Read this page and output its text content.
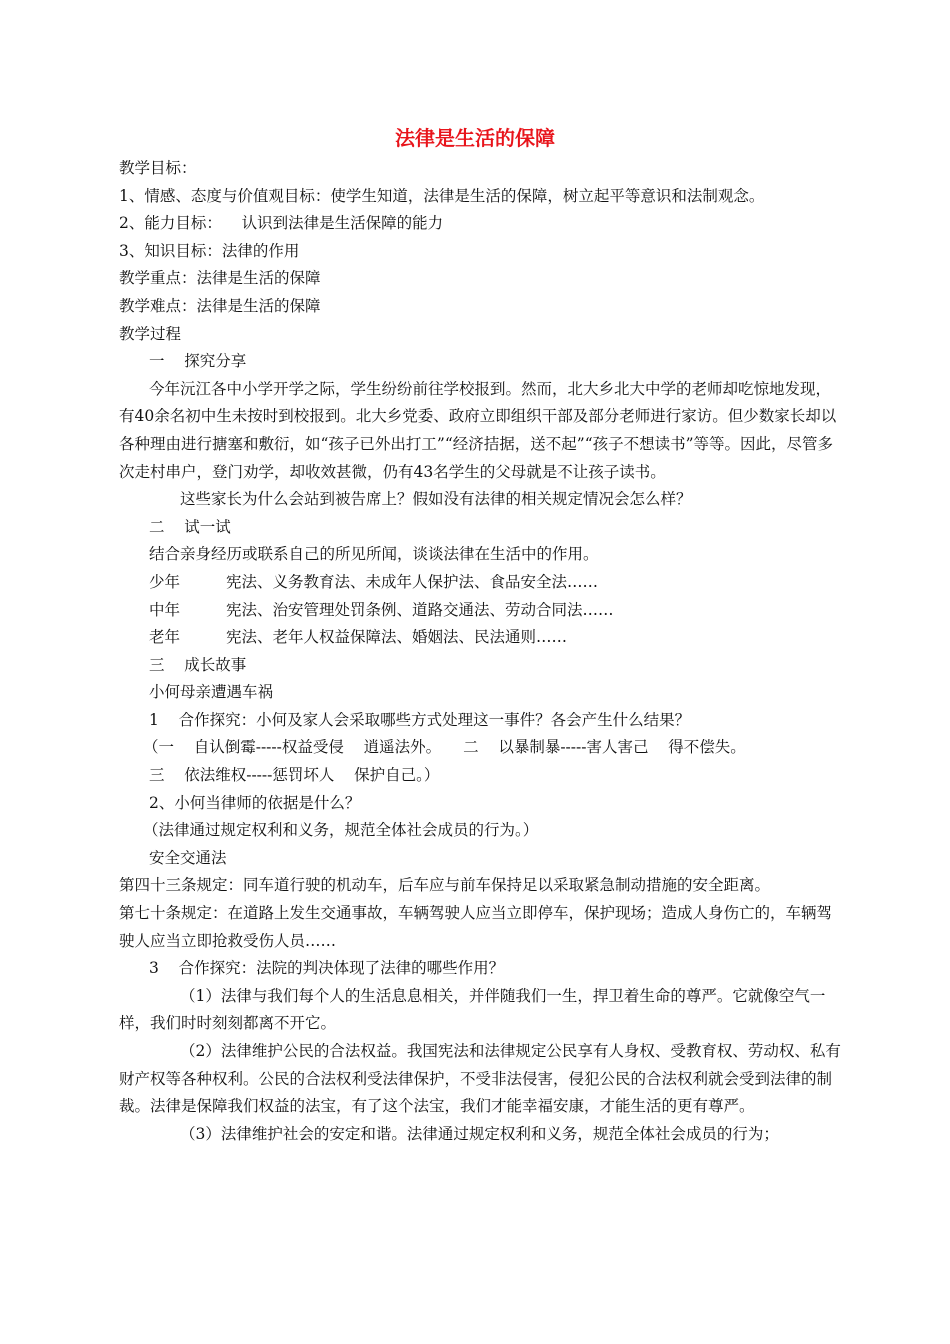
法律是生活的保障

教学目标：

1、情感、态度与价值观目标：使学生知道，法律是生活的保障，树立起平等意识和法制观念。

2、能力目标：    认识到法律是生活保障的能力

3、知识目标：法律的作用

教学重点：法律是生活的保障

教学难点：法律是生活的保障

教学过程

一    探究分享

今年沅江各中小学开学之际，学生纷纷前往学校报到。然而，北大乡北大中学的老师却吃惊地发现，有40余名初中生未按时到校报到。北大乡党委、政府立即组织干部及部分老师进行家访。但少数家长却以各种理由进行搪塞和敷衍，如“孩子已外出打工”“经济拮据，送不起”“孩子不想读书”等等。因此，尽管多次走村串户，登门劝学，却收效甚微，仍有43名学生的父母就是不让孩子读书。

这些家长为什么会站到被告席上？假如没有法律的相关规定情况会怎么样？

二    试一试

结合亲身经历或联系自己的所见所闻，谈谈法律在生活中的作用。

少年	宪法、义务教育法、未成年人保护法、食品安全法……

中年	宪法、治安管理处罚条例、道路交通法、劳动合同法……

老年	宪法、老年人权益保障法、婚姻法、民法通则……

三    成长故事

小何母亲遭遇车祸

1    合作探究：小何及家人会采取哪些方式处理这一事件？各会产生什么结果？

（一    自认倒霉-----权益受侵    逍遥法外。 二    以暴制暴-----害人害己    得不偿失。

三    依法维权-----惩罚坏人    保护自己。）

2、小何当律师的依据是什么？

（法律通过规定权利和义务，规范全体社会成员的行为。）

安全交通法

第四十三条规定：同车道行驶的机动车，后车应与前车保持足以采取紧急制动措施的安全距离。

第七十条规定：在道路上发生交通事故，车辆驾驶人应当立即停车，保护现场；造成人身伤亡的，车辆驾驶人应当立即抢救受伤人员……

3    合作探究：法院的判决体现了法律的哪些作用？

（1）法律与我们每个人的生活息息相关，并伴随我们一生，捍卫着生命的尊严。它就像空气一样，我们时时刻刻都离不开它。

（2）法律维护公民的合法权益。我国宪法和法律规定公民享有人身权、受教育权、劳动权、私有财产权等各种权利。公民的合法权利受法律保护，不受非法侵害，侵犯公民的合法权利就会受到法律的制裁。法律是保障我们权益的法宝，有了这个法宝，我们才能幸福安康，才能生活的更有尊严。

（3）法律维护社会的安定和谐。法律通过规定权利和义务，规范全体社会成员的行为；
